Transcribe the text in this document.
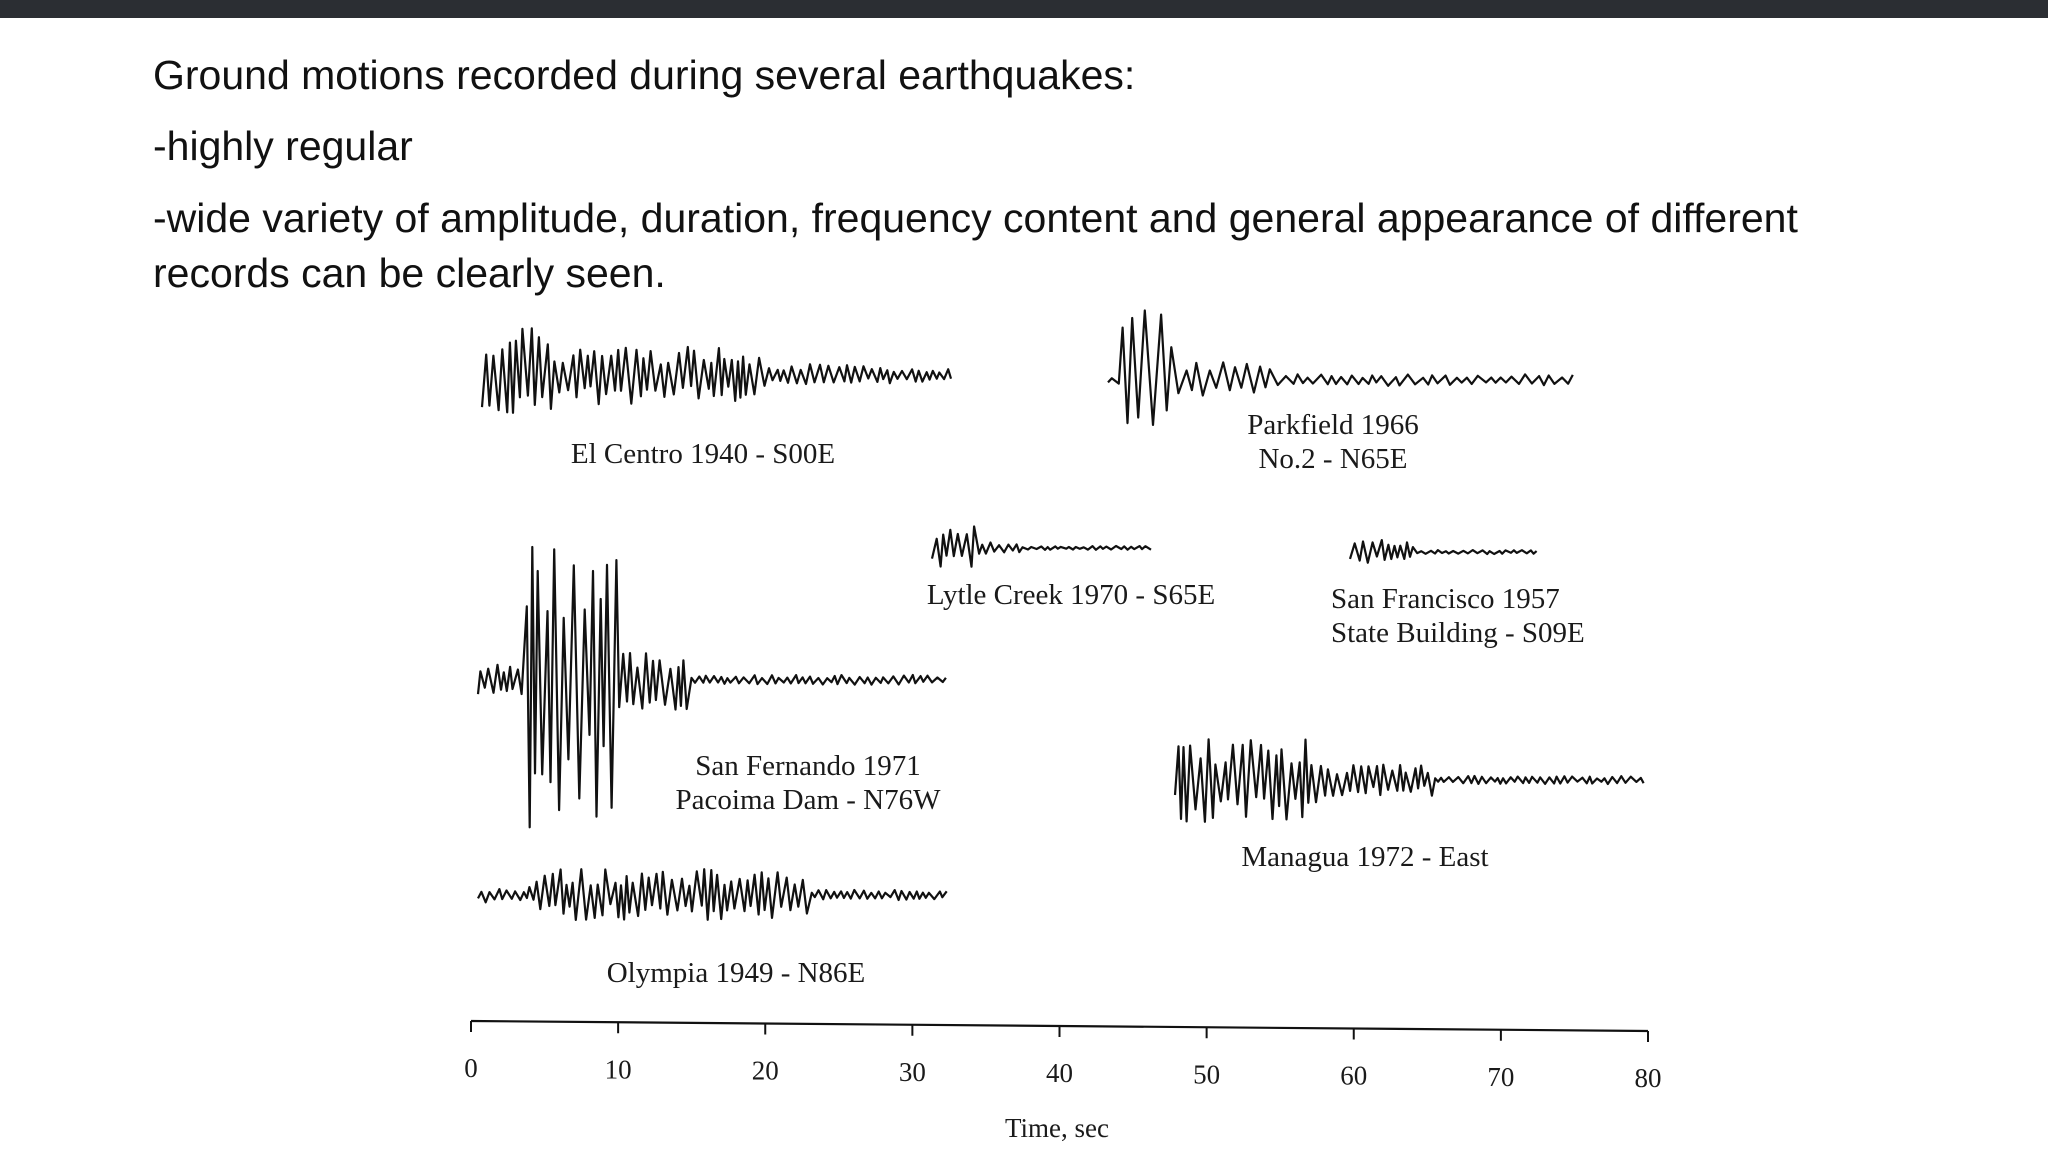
Ground motions recorded during several earthquakes:
-highly regular
-wide variety of amplitude, duration, frequency content and general appearance of different records can be clearly seen.
El Centro 1940 - S00E
Parkfield 1966
No.2 - N65E
Lytle Creek 1970 - S65E	San Francisco 1957
State Building - S09E
San Fernando 1971
Pacoima Dam - N76W
Managua 1972 - East
Olympia 1949 - N86E
0	10	20	30	40	50	60	70	80
Time, sec
